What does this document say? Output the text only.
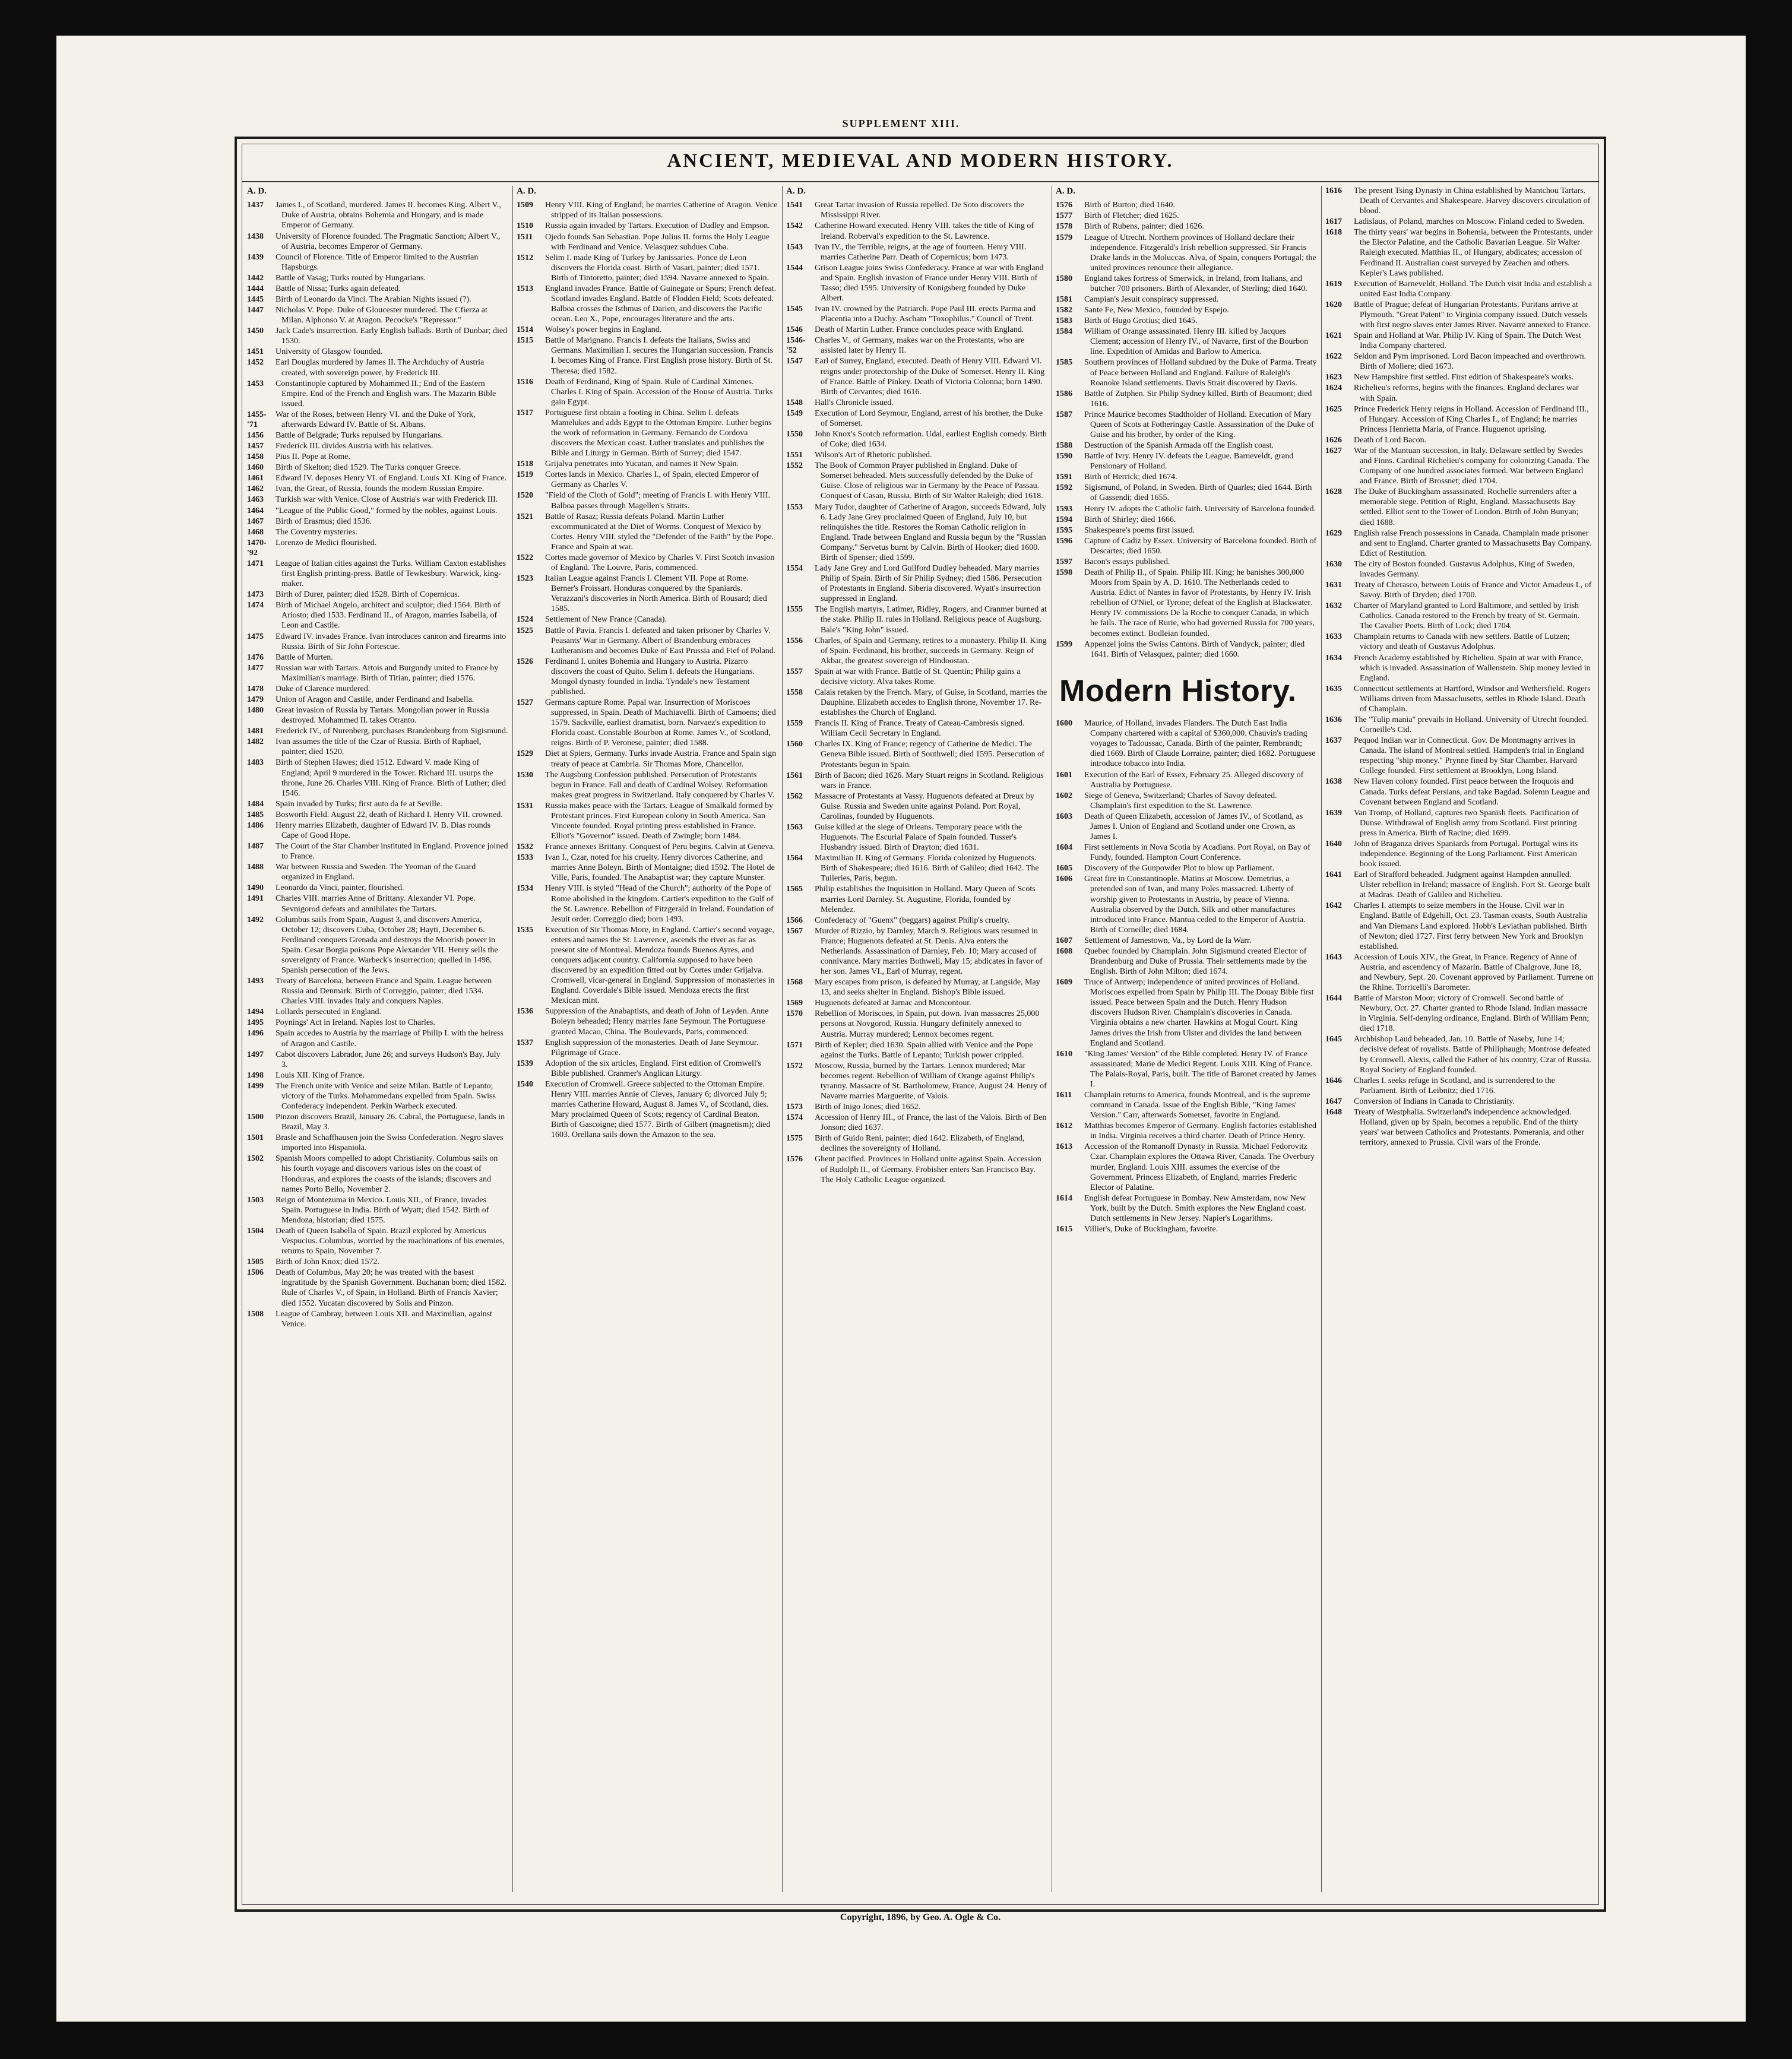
SUPPLEMENT XIII.
ANCIENT, MEDIEVAL AND MODERN HISTORY.
A. D.
1437	James I., of Scotland, murdered. James II. becomes King. Albert V., Duke of Austria, obtains Bohemia and Hungary, and is made Emperor of Germany.
1438	University of Florence founded. The Pragmatic Sanction; Albert V., of Austria, becomes Emperor of Germany.
1439	Council of Florence. Title of Emperor limited to the Austrian Hapsburgs.
1442	Battle of Vasag; Turks routed by Hungarians.
1444	Battle of Nissa; Turks again defeated.
1445	Birth of Leonardo da Vinci. The Arabian Nights issued (?).
1447	Nicholas V. Pope. Duke of Gloucester murdered. The Cfierza at Milan. Alphonso V. at Aragon. Pecocke's "Repressor."
1450	Jack Cade's insurrection. Early English ballads. Birth of Dunbar; died 1530.
1451	University of Glasgow founded.
1452	Earl Douglas murdered by James II. The Archduchy of Austria created, with sovereign power, by Frederick III.
1453	Constantinople captured by Mohammed II.; End of the Eastern Empire. End of the French and English wars. The Mazarin Bible issued.
1455-'71
War of the Roses, between Henry VI. and the Duke of York, afterwards Edward IV. Battle of St. Albans.
1456	Battle of Belgrade; Turks repulsed by Hungarians.
1457	Frederick III. divides Austria with his relatives.
1458	Pius II. Pope at Rome.
1460	Birth of Skelton; died 1529. The Turks conquer Greece.
1461	Edward IV. deposes Henry VI. of England. Louis XI. King of France.
1462	Ivan, the Great, of Russia, founds the modern Russian Empire.
1463	Turkish war with Venice. Close of Austria's war with Frederick III.
1464	"League of the Public Good," formed by the nobles, against Louis.
1467	Birth of Erasmus; died 1536.
1468	The Coventry mysteries.
1470-'92
Lorenzo de Medici flourished.
1471	League of Italian cities against the Turks. William Caxton establishes first English printing-press. Battle of Tewkesbury. Warwick, king-maker.
1473	Birth of Durer, painter; died 1528. Birth of Copernicus.
1474	Birth of Michael Angelo, architect and sculptor; died 1564. Birth of Ariosto; died 1533. Ferdinand II., of Aragon, marries Isabella, of Leon and Castile.
1475	Edward IV. invades France. Ivan introduces cannon and firearms into Russia. Birth of Sir John Fortescue.
1476	Battle of Murten.
1477	Russian war with Tartars. Artois and Burgundy united to France by Maximilian's marriage. Birth of Titian, painter; died 1576.
1478	Duke of Clarence murdered.
1479	Union of Aragon and Castile, under Ferdinand and Isabella.
1480	Great invasion of Russia by Tartars. Mongolian power in Russia destroyed. Mohammed II. takes Otranto.
1481	Frederick IV., of Nurenberg, purchases Brandenburg from Sigismund.
1482	Ivan assumes the title of the Czar of Russia. Birth of Raphael, painter; died 1520.
1483	Birth of Stephen Hawes; died 1512. Edward V. made King of England; April 9 murdered in the Tower. Richard III. usurps the throne, June 26. Charles VIII. King of France. Birth of Luther; died 1546.
1484	Spain invaded by Turks; first auto da fe at Seville.
1485	Bosworth Field. August 22, death of Richard I. Henry VII. crowned.
1486	Henry marries Elizabeth, daughter of Edward IV. B. Dias rounds Cape of Good Hope.
1487	The Court of the Star Chamber instituted in England. Provence joined to France.
1488	War between Russia and Sweden. The Yeoman of the Guard organized in England.
1490	Leonardo da Vinci, painter, flourished.
1491	Charles VIII. marries Anne of Brittany. Alexander VI. Pope. Sevnigorod defeats and annihilates the Tartars.
1492	Columbus sails from Spain, August 3, and discovers America, October 12; discovers Cuba, October 28; Hayti, December 6. Ferdinand conquers Grenada and destroys the Moorish power in Spain. Cesar Borgia poisons Pope Alexander VII. Henry sells the sovereignty of France. Warbeck's insurrection; quelled in 1498. Spanish persecution of the Jews.
1493	Treaty of Barcelona, between France and Spain. League between Russia and Denmark. Birth of Correggio, painter; died 1534. Charles VIII. invades Italy and conquers Naples.
1494	Lollards persecuted in England.
1495	Poynings' Act in Ireland. Naples lost to Charles.
1496	Spain accedes to Austria by the marriage of Philip I. with the heiress of Aragon and Castile.
1497	Cabot discovers Labrador, June 26; and surveys Hudson's Bay, July 3.
1498	Louis XII. King of France.
1499	The French unite with Venice and seize Milan. Battle of Lepanto; victory of the Turks. Mohammedans expelled from Spain. Swiss Confederacy independent. Perkin Warbeck executed.
1500	Pinzon discovers Brazil, January 26. Cabral, the Portuguese, lands in Brazil, May 3.
1501	Brasle and Schaffhausen join the Swiss Confederation. Negro slaves imported into Hispaniola.
1502	Spanish Moors compelled to adopt Christianity. Columbus sails on his fourth voyage and discovers various isles on the coast of Honduras, and explores the coasts of the islands; discovers and names Porto Bello, November 2.
1503	Reign of Montezuma in Mexico. Louis XII., of France, invades Spain. Portuguese in India. Birth of Wyatt; died 1542. Birth of Mendoza, historian; died 1575.
1504	Death of Queen Isabella of Spain. Brazil explored by Americus Vespucius. Columbus, worried by the machinations of his enemies, returns to Spain, November 7.
1505	Birth of John Knox; died 1572.
1506	Death of Columbus, May 20; he was treated with the basest ingratitude by the Spanish Government. Buchanan born; died 1582. Rule of Charles V., of Spain, in Holland. Birth of Francis Xavier; died 1552. Yucatan discovered by Solis and Pinzon.
1508	League of Cambray, between Louis XII. and Maximilian, against Venice.
A. D.
1509	Henry VIII. King of England; he marries Catherine of Aragon. Venice stripped of its Italian possessions.
1510	Russia again invaded by Tartars. Execution of Dudley and Empson.
1511	Ojedo founds San Sebastian. Pope Julius II. forms the Holy League with Ferdinand and Venice. Velasquez subdues Cuba.
1512	Selim I. made King of Turkey by Janissaries. Ponce de Leon discovers the Florida coast. Birth of Vasari, painter; died 1571. Birth of Tintoretto, painter; died 1594. Navarre annexed to Spain.
1513	England invades France. Battle of Guinegate or Spurs; French defeat. Scotland invades England. Battle of Flodden Field; Scots defeated. Balboa crosses the Isthmus of Darien, and discovers the Pacific ocean. Leo X., Pope, encourages literature and the arts.
1514	Wolsey's power begins in England.
1515	Battle of Marignano. Francis I. defeats the Italians, Swiss and Germans. Maximilian I. secures the Hungarian succession. Francis I. becomes King of France. First English prose history. Birth of St. Theresa; died 1582.
1516	Death of Ferdinand, King of Spain. Rule of Cardinal Ximenes. Charles I. King of Spain. Accession of the House of Austria. Turks gain Egypt.
1517	Portuguese first obtain a footing in China. Selim I. defeats Mamelukes and adds Egypt to the Ottoman Empire. Luther begins the work of reformation in Germany. Fernando de Cordova discovers the Mexican coast. Luther translates and publishes the Bible and Liturgy in German. Birth of Surrey; died 1547.
1518	Grijalva penetrates into Yucatan, and names it New Spain.
1519	Cortes lands in Mexico. Charles I., of Spain, elected Emperor of Germany as Charles V.
1520	"Field of the Cloth of Gold"; meeting of Francis I. with Henry VIII. Balboa passes through Magellen's Straits.
1521	Battle of Rasaz; Russia defeats Poland. Martin Luther excommunicated at the Diet of Worms. Conquest of Mexico by Cortes. Henry VIII. styled the "Defender of the Faith" by the Pope. France and Spain at war.
1522	Cortes made governor of Mexico by Charles V. First Scotch invasion of England. The Louvre, Paris, commenced.
1523	Italian League against Francis I. Clement VII. Pope at Rome. Berner's Froissart. Honduras conquered by the Spaniards. Verazzani's discoveries in North America. Birth of Rousard; died 1585.
1524	Settlement of New France (Canada).
1525	Battle of Pavia. Francis I. defeated and taken prisoner by Charles V. Peasants' War in Germany. Albert of Brandenburg embraces Lutheranism and becomes Duke of East Prussia and Fief of Poland.
1526	Ferdinand I. unites Bohemia and Hungary to Austria. Pizarro discovers the coast of Quito. Selim I. defeats the Hungarians. Mongol dynasty founded in India. Tyndale's new Testament published.
1527	Germans capture Rome. Papal war. Insurrection of Moriscoes suppressed, in Spain. Death of Machiavelli. Birth of Camoens; died 1579. Sackville, earliest dramatist, born. Narvaez's expedition to Florida coast. Constable Bourbon at Rome. James V., of Scotland, reigns. Birth of P. Veronese, painter; died 1588.
1529	Diet at Spiers, Germany. Turks invade Austria. France and Spain sign treaty of peace at Cambria. Sir Thomas More, Chancellor.
1530	The Augsburg Confession published. Persecution of Protestants begun in France. Fall and death of Cardinal Wolsey. Reformation makes great progress in Switzerland. Italy conquered by Charles V.
1531	Russia makes peace with the Tartars. League of Smalkald formed by Protestant princes. First European colony in South America. San Vincente founded. Royal printing press established in France. Elliot's "Governor" issued. Death of Zwingle; born 1484.
1532	France annexes Brittany. Conquest of Peru begins. Calvin at Geneva.
1533	Ivan I., Czar, noted for his cruelty. Henry divorces Catherine, and marries Anne Boleyn. Birth of Montaigne; died 1592. The Hotel de Ville, Paris, founded. The Anabaptist war; they capture Munster.
1534	Henry VIII. is styled "Head of the Church"; authority of the Pope of Rome abolished in the kingdom. Cartier's expedition to the Gulf of the St. Lawrence. Rebellion of Fitzgerald in Ireland. Foundation of Jesuit order. Correggio died; born 1493.
1535	Execution of Sir Thomas More, in England. Cartier's second voyage, enters and names the St. Lawrence, ascends the river as far as present site of Montreal. Mendoza founds Buenos Ayres, and conquers adjacent country. California supposed to have been discovered by an expedition fitted out by Cortes under Grijalva. Cromwell, vicar-general in England. Suppression of monasteries in England. Coverdale's Bible issued. Mendoza erects the first Mexican mint.
1536	Suppression of the Anabaptists, and death of John of Leyden. Anne Boleyn beheaded; Henry marries Jane Seymour. The Portuguese granted Macao, China. The Boulevards, Paris, commenced.
1537	English suppression of the monasteries. Death of Jane Seymour. Pilgrimage of Grace.
1539	Adoption of the six articles, England. First edition of Cromwell's Bible published. Cranmer's Anglican Liturgy.
1540	Execution of Cromwell. Greece subjected to the Ottoman Empire. Henry VIII. marries Annie of Cleves, January 6; divorced July 9; marries Catherine Howard, August 8. James V., of Scotland, dies. Mary proclaimed Queen of Scots; regency of Cardinal Beaton. Birth of Gascoigne; died 1577. Birth of Gilbert (magnetism); died 1603. Orellana sails down the Amazon to the sea.
A. D.
1541	Great Tartar invasion of Russia repelled. De Soto discovers the Mississippi River.
1542	Catherine Howard executed. Henry VIII. takes the title of King of Ireland. Roberval's expedition to the St. Lawrence.
1543	Ivan IV., the Terrible, reigns, at the age of fourteen. Henry VIII. marries Catherine Parr. Death of Copernicus; born 1473.
1544	Grison League joins Swiss Confederacy. France at war with England and Spain. English invasion of France under Henry VIII. Birth of Tasso; died 1595. University of Konigsberg founded by Duke Albert.
1545	Ivan IV. crowned by the Patriarch. Pope Paul III. erects Parma and Placentia into a Duchy. Ascham "Toxophilus." Council of Trent.
1546	Death of Martin Luther. France concludes peace with England.
1546-'52
Charles V., of Germany, makes war on the Protestants, who are assisted later by Henry II.
1547	Earl of Surrey, England, executed. Death of Henry VIII. Edward VI. reigns under protectorship of the Duke of Somerset. Henry II. King of France. Battle of Pinkey. Death of Victoria Colonna; born 1490. Birth of Cervantes; died 1616.
1548	Hall's Chronicle issued.
1549	Execution of Lord Seymour, England, arrest of his brother, the Duke of Somerset.
1550	John Knox's Scotch reformation. Udal, earliest English comedy. Birth of Coke; died 1634.
1551	Wilson's Art of Rhetoric published.
1552	The Book of Common Prayer published in England. Duke of Somerset beheaded. Mets successfully defended by the Duke of Guise. Close of religious war in Germany by the Peace of Passau. Conquest of Casan, Russia. Birth of Sir Walter Raleigh; died 1618.
1553	Mary Tudor, daughter of Catherine of Aragon, succeeds Edward, July 6. Lady Jane Grey proclaimed Queen of England, July 10, but relinquishes the title. Restores the Roman Catholic religion in England. Trade between England and Russia begun by the "Russian Company." Servetus burnt by Calvin. Birth of Hooker; died 1600. Birth of Spenser; died 1599.
1554	Lady Jane Grey and Lord Guilford Dudley beheaded. Mary marries Philip of Spain. Birth of Sir Philip Sydney; died 1586. Persecution of Protestants in England. Siberia discovered. Wyatt's insurrection suppressed in England.
1555	The English martyrs, Latimer, Ridley, Rogers, and Cranmer burned at the stake. Philip II. rules in Holland. Religious peace of Augsburg. Bale's "King John" issued.
1556	Charles, of Spain and Germany, retires to a monastery. Philip II. King of Spain. Ferdinand, his brother, succeeds in Germany. Reign of Akbar, the greatest sovereign of Hindoostan.
1557	Spain at war with France. Battle of St. Quentin; Philip gains a decisive victory. Alva takes Rome.
1558	Calais retaken by the French. Mary, of Guise, in Scotland, marries the Dauphine. Elizabeth accedes to English throne, November 17. Re-establishes the Church of England.
1559	Francis II. King of France. Treaty of Cateau-Cambresis signed. William Cecil Secretary in England.
1560	Charles IX. King of France; regency of Catherine de Medici. The Geneva Bible issued. Birth of Southwell; died 1595. Persecution of Protestants begun in Spain.
1561	Birth of Bacon; died 1626. Mary Stuart reigns in Scotland. Religious wars in France.
1562	Massacre of Protestants at Vassy. Huguenots defeated at Dreux by Guise. Russia and Sweden unite against Poland. Port Royal, Carolinas, founded by Huguenots.
1563	Guise killed at the siege of Orleans. Temporary peace with the Huguenots. The Escurial Palace of Spain founded. Tusser's Husbandry issued. Birth of Drayton; died 1631.
1564	Maximilian II. King of Germany. Florida colonized by Huguenots. Birth of Shakespeare; died 1616. Birth of Galileo; died 1642. The Tuileries, Paris, begun.
1565	Philip establishes the Inquisition in Holland. Mary Queen of Scots marries Lord Darnley. St. Augustine, Florida, founded by Melendez.
1566	Confederacy of "Guenx" (beggars) against Philip's cruelty.
1567	Murder of Rizzio, by Darnley, March 9. Religious wars resumed in France; Huguenots defeated at St. Denis. Alva enters the Netherlands. Assassination of Darnley, Feb. 10; Mary accused of connivance. Mary marries Bothwell, May 15; abdicates in favor of her son. James VI., Earl of Murray, regent.
1568	Mary escapes from prison, is defeated by Murray, at Langside, May 13, and seeks shelter in England. Bishop's Bible issued.
1569	Huguenots defeated at Jarnac and Moncontour.
1570	Rebellion of Moriscoes, in Spain, put down. Ivan massacres 25,000 persons at Novgorod, Russia. Hungary definitely annexed to Austria. Murray murdered; Lennox becomes regent.
1571	Birth of Kepler; died 1630. Spain allied with Venice and the Pope against the Turks. Battle of Lepanto; Turkish power crippled.
1572	Moscow, Russia, burned by the Tartars. Lennox murdered; Mar becomes regent. Rebellion of William of Orange against Philip's tyranny. Massacre of St. Bartholomew, France, August 24. Henry of Navarre marries Marguerite, of Valois.
1573	Birth of Inigo Jones; died 1652.
1574	Accession of Henry III., of France, the last of the Valois. Birth of Ben Jonson; died 1637.
1575	Birth of Guido Reni, painter; died 1642. Elizabeth, of England, declines the sovereignty of Holland.
1576	Ghent pacified. Provinces in Holland unite against Spain. Accession of Rudolph II., of Germany. Frobisher enters San Francisco Bay. The Holy Catholic League organized.
A. D.
1576	Birth of Burton; died 1640.
1577	Birth of Fletcher; died 1625.
1578	Birth of Rubens, painter; died 1626.
1579	League of Utrecht. Northern provinces of Holland declare their independence. Fitzgerald's Irish rebellion suppressed. Sir Francis Drake lands in the Moluccas. Alva, of Spain, conquers Portugal; the united provinces renounce their allegiance.
1580	England takes fortress of Smerwick, in Ireland, from Italians, and butcher 700 prisoners. Birth of Alexander, of Sterling; died 1640.
1581	Campian's Jesuit conspiracy suppressed.
1582	Sante Fe, New Mexico, founded by Espejo.
1583	Birth of Hugo Grotius; died 1645.
1584	William of Orange assassinated. Henry III. killed by Jacques Clement; accession of Henry IV., of Navarre, first of the Bourbon line. Expedition of Amidas and Barlow to America.
1585	Southern provinces of Holland subdued by the Duke of Parma. Treaty of Peace between Holland and England. Failure of Raleigh's Roanoke Island settlements. Davis Strait discovered by Davis.
1586	Battle of Zutphen. Sir Philip Sydney killed. Birth of Beaumont; died 1616.
1587	Prince Maurice becomes Stadtholder of Holland. Execution of Mary Queen of Scots at Fotheringay Castle. Assassination of the Duke of Guise and his brother, by order of the King.
1588	Destruction of the Spanish Armada off the English coast.
1590	Battle of Ivry. Henry IV. defeats the League. Barneveldt, grand Pensionary of Holland.
1591	Birth of Herrick; died 1674.
1592	Sigismund, of Poland, in Sweden. Birth of Quarles; died 1644. Birth of Gassendi; died 1655.
1593	Henry IV. adopts the Catholic faith. University of Barcelona founded.
1594	Birth of Shirley; died 1666.
1595	Shakespeare's poems first issued.
1596	Capture of Cadiz by Essex. University of Barcelona founded. Birth of Descartes; died 1650.
1597	Bacon's essays published.
1598	Death of Philip II., of Spain. Philip III. King; he banishes 300,000 Moors from Spain by A. D. 1610. The Netherlands ceded to Austria. Edict of Nantes in favor of Protestants, by Henry IV. Irish rebellion of O'Niel, or Tyrone; defeat of the English at Blackwater. Henry IV. commissions De la Roche to conquer Canada, in which he fails. The race of Rurie, who had governed Russia for 700 years, becomes extinct. Bodleian founded.
1599	Appenzel joins the Swiss Cantons. Birth of Vandyck, painter; died 1641. Birth of Velasquez, painter; died 1660.
Modern History.
1600	Maurice, of Holland, invades Flanders. The Dutch East India Company chartered with a capital of $360,000. Chauvin's trading voyages to Tadoussac, Canada. Birth of the painter, Rembrandt; died 1669. Birth of Claude Lorraine, painter; died 1682. Portuguese introduce tobacco into India.
1601	Execution of the Earl of Essex, February 25. Alleged discovery of Australia by Portuguese.
1602	Siege of Geneva, Switzerland; Charles of Savoy defeated. Champlain's first expedition to the St. Lawrence.
1603	Death of Queen Elizabeth, accession of James IV., of Scotland, as James I. Union of England and Scotland under one Crown, as James I.
1604	First settlements in Nova Scotia by Acadians. Port Royal, on Bay of Fundy, founded. Hampton Court Conference.
1605	Discovery of the Gunpowder Plot to blow up Parliament.
1606	Great fire in Constantinople. Matins at Moscow. Demetrius, a pretended son of Ivan, and many Poles massacred. Liberty of worship given to Protestants in Austria, by peace of Vienna. Australia observed by the Dutch. Silk and other manufactures introduced into France. Mantua ceded to the Emperor of Austria. Birth of Corneille; died 1684.
1607	Settlement of Jamestown, Va., by Lord de la Warr.
1608	Quebec founded by Champlain. John Sigismund created Elector of Brandenburg and Duke of Prussia. Their settlements made by the English. Birth of John Milton; died 1674.
1609	Truce of Antwerp; independence of united provinces of Holland. Moriscoes expelled from Spain by Philip III. The Douay Bible first issued. Peace between Spain and the Dutch. Henry Hudson discovers Hudson River. Champlain's discoveries in Canada. Virginia obtains a new charter. Hawkins at Mogul Court. King James drives the Irish from Ulster and divides the land between England and Scotland.
1610	"King James' Version" of the Bible completed. Henry IV. of France assassinated; Marie de Medici Regent. Louis XIII. King of France. The Palais-Royal, Paris, built. The title of Baronet created by James I.
1611	Champlain returns to America, founds Montreal, and is the supreme command in Canada. Issue of the English Bible, "King James' Version." Carr, afterwards Somerset, favorite in England.
1612	Matthias becomes Emperor of Germany. English factories established in India. Virginia receives a third charter. Death of Prince Henry.
1613	Accession of the Romanoff Dynasty in Russia. Michael Fedorovitz Czar. Champlain explores the Ottawa River, Canada. The Overbury murder, England. Louis XIII. assumes the exercise of the Government. Princess Elizabeth, of England, marries Frederic Elector of Palatine.
1614	English defeat Portuguese in Bombay. New Amsterdam, now New York, built by the Dutch. Smith explores the New England coast. Dutch settlements in New Jersey. Napier's Logarithms.
1615	Villier's, Duke of Buckingham, favorite.
1616	The present Tsing Dynasty in China established by Mantchou Tartars. Death of Cervantes and Shakespeare. Harvey discovers circulation of blood.
1617	Ladislaus, of Poland, marches on Moscow. Finland ceded to Sweden.
1618	The thirty years' war begins in Bohemia, between the Protestants, under the Elector Palatine, and the Catholic Bavarian League. Sir Walter Raleigh executed. Matthias II., of Hungary, abdicates; accession of Ferdinand II. Australian coast surveyed by Zeachen and others. Kepler's Laws published.
1619	Execution of Barneveldt, Holland. The Dutch visit India and establish a united East India Company.
1620	Battle of Prague; defeat of Hungarian Protestants. Puritans arrive at Plymouth. "Great Patent" to Virginia company issued. Dutch vessels with first negro slaves enter James River. Navarre annexed to France.
1621	Spain and Holland at War. Philip IV. King of Spain. The Dutch West India Company chartered.
1622	Seldon and Pym imprisoned. Lord Bacon impeached and overthrown. Birth of Moliere; died 1673.
1623	New Hampshire first settled. First edition of Shakespeare's works.
1624	Richelieu's reforms, begins with the finances. England declares war with Spain.
1625	Prince Frederick Henry reigns in Holland. Accession of Ferdinand III., of Hungary. Accession of King Charles I., of England; he marries Princess Henrietta Maria, of France. Huguenot uprising.
1626	Death of Lord Bacon.
1627	War of the Mantuan succession, in Italy. Delaware settled by Swedes and Finns. Cardinal Richelieu's company for colonizing Canada. The Company of one hundred associates formed. War between England and France. Birth of Brossnet; died 1704.
1628	The Duke of Buckingham assassinated. Rochelle surrenders after a memorable siege. Petition of Right, England. Massachusetts Bay settled. Elliot sent to the Tower of London. Birth of John Bunyan; died 1688.
1629	English raise French possessions in Canada. Champlain made prisoner and sent to England. Charter granted to Massachusetts Bay Company. Edict of Restitution.
1630	The city of Boston founded. Gustavus Adolphus, King of Sweden, invades Germany.
1631	Treaty of Cherasco, between Louis of France and Victor Amadeus I., of Savoy. Birth of Dryden; died 1700.
1632	Charter of Maryland granted to Lord Baltimore, and settled by Irish Catholics. Canada restored to the French by treaty of St. Germain. The Cavalier Poets. Birth of Lock; died 1704.
1633	Champlain returns to Canada with new settlers. Battle of Lutzen; victory and death of Gustavus Adolphus.
1634	French Academy established by Richelieu. Spain at war with France, which is invaded. Assassination of Wallenstein. Ship money levied in England.
1635	Connecticut settlements at Hartford, Windsor and Wethersfield. Rogers Williams driven from Massachusetts, settles in Rhode Island. Death of Champlain.
1636	The "Tulip mania" prevails in Holland. University of Utrecht founded. Corneille's Cid.
1637	Pequod Indian war in Connecticut. Gov. De Montmagny arrives in Canada. The island of Montreal settled. Hampden's trial in England respecting "ship money." Prynne fined by Star Chamber. Harvard College founded. First settlement at Brooklyn, Long Island.
1638	New Haven colony founded. First peace between the Iroquois and Canada. Turks defeat Persians, and take Bagdad. Solemn League and Covenant between England and Scotland.
1639	Van Tromp, of Holland, captures two Spanish fleets. Pacification of Dunse. Withdrawal of English army from Scotland. First printing press in America. Birth of Racine; died 1699.
1640	John of Braganza drives Spaniards from Portugal. Portugal wins its independence. Beginning of the Long Parliament. First American book issued.
1641	Earl of Strafford beheaded. Judgment against Hampden annulled. Ulster rebellion in Ireland; massacre of English. Fort St. George built at Madras. Death of Galileo and Richelieu.
1642	Charles I. attempts to seize members in the House. Civil war in England. Battle of Edgehill, Oct. 23. Tasman coasts, South Australia and Van Diemans Land explored. Hobb's Leviathan published. Birth of Newton; died 1727. First ferry between New York and Brooklyn established.
1643	Accession of Louis XIV., the Great, in France. Regency of Anne of Austria, and ascendency of Mazarin. Battle of Chalgrove, June 18, and Newbury, Sept. 20. Covenant approved by Parliament. Turrene on the Rhine. Torricelli's Barometer.
1644	Battle of Marston Moor; victory of Cromwell. Second battle of Newbury, Oct. 27. Charter granted to Rhode Island. Indian massacre in Virginia. Self-denying ordinance, England. Birth of William Penn; died 1718.
1645	Archbishop Laud beheaded, Jan. 10. Battle of Naseby, June 14; decisive defeat of royalists. Battle of Philiphaugh; Montrose defeated by Cromwell. Alexis, called the Father of his country, Czar of Russia. Royal Society of England founded.
1646	Charles I. seeks refuge in Scotland, and is surrendered to the Parliament. Birth of Leibnitz; died 1716.
1647	Conversion of Indians in Canada to Christianity.
1648	Treaty of Westphalia. Switzerland's independence acknowledged. Holland, given up by Spain, becomes a republic. End of the thirty years' war between Catholics and Protestants. Pomerania, and other territory, annexed to Prussia. Civil wars of the Fronde.
Copyright, 1896, by Geo. A. Ogle & Co.
